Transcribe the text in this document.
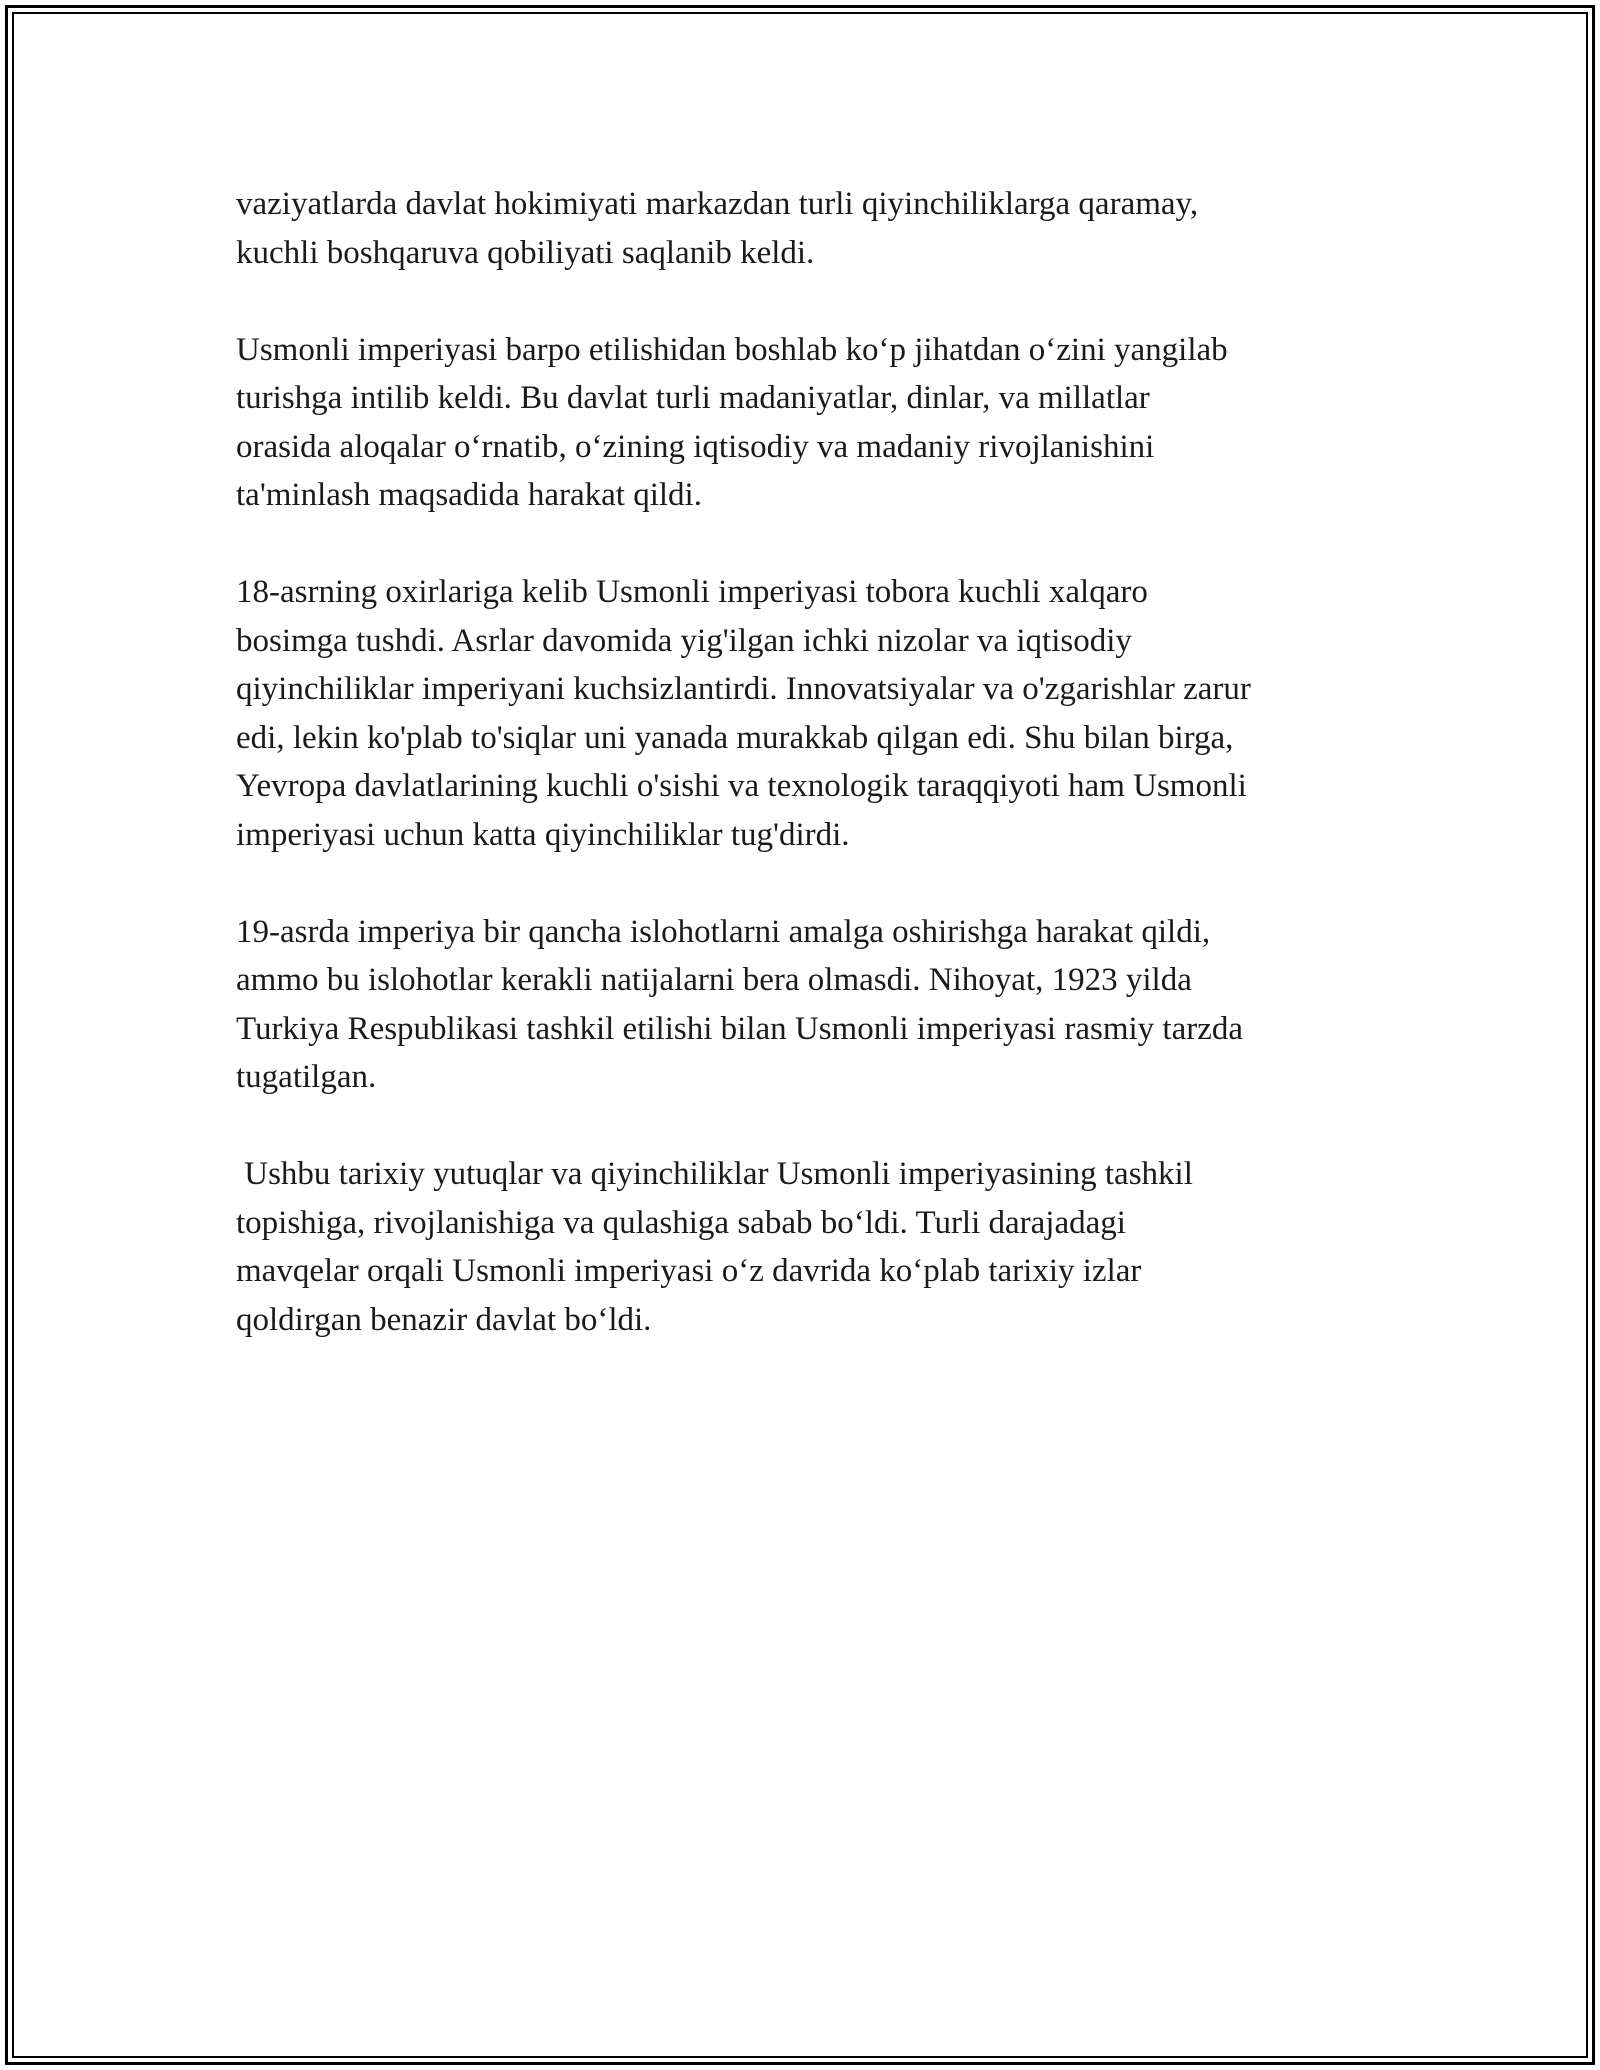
vaziyatlarda davlat hokimiyati markazdan turli qiyinchiliklarga qaramay,
kuchli boshqaruva qobiliyati saqlanib keldi.

Usmonli imperiyasi barpo etilishidan boshlab ko‘p jihatdan o‘zini yangilab
turishga intilib keldi. Bu davlat turli madaniyatlar, dinlar, va millatlar
orasida aloqalar o‘rnatib, o‘zining iqtisodiy va madaniy rivojlanishini
ta'minlash maqsadida harakat qildi.

18-asrning oxirlariga kelib Usmonli imperiyasi tobora kuchli xalqaro
bosimga tushdi. Asrlar davomida yig'ilgan ichki nizolar va iqtisodiy
qiyinchiliklar imperiyani kuchsizlantirdi. Innovatsiyalar va o'zgarishlar zarur
edi, lekin ko'plab to'siqlar uni yanada murakkab qilgan edi. Shu bilan birga,
Yevropa davlatlarining kuchli o'sishi va texnologik taraqqiyoti ham Usmonli
imperiyasi uchun katta qiyinchiliklar tug'dirdi.

19-asrda imperiya bir qancha islohotlarni amalga oshirishga harakat qildi,
ammo bu islohotlar kerakli natijalarni bera olmasdi. Nihoyat, 1923 yilda
Turkiya Respublikasi tashkil etilishi bilan Usmonli imperiyasi rasmiy tarzda
tugatilgan.

Ushbu tarixiy yutuqlar va qiyinchiliklar Usmonli imperiyasining tashkil
topishiga, rivojlanishiga va qulashiga sabab bo‘ldi. Turli darajadagi
mavqelar orqali Usmonli imperiyasi o‘z davrida ko‘plab tarixiy izlar
qoldirgan benazir davlat bo‘ldi.
